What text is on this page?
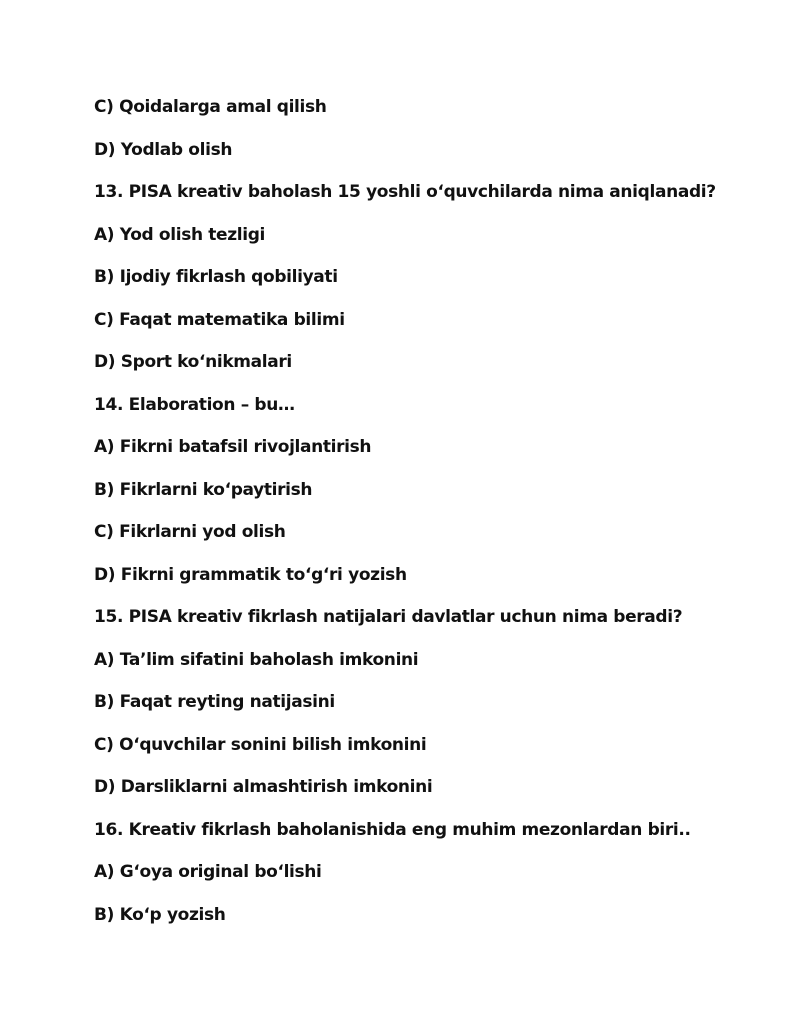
C) Qoidalarga amal qilish
D) Yodlab olish
13. PISA kreativ baholash 15 yoshli o‘quvchilarda nima aniqlanadi?
A) Yod olish tezligi
B) Ijodiy fikrlash qobiliyati
C) Faqat matematika bilimi
D) Sport ko‘nikmalari
14. Elaboration – bu…
A) Fikrni batafsil rivojlantirish
B) Fikrlarni ko‘paytirish
C) Fikrlarni yod olish
D) Fikrni grammatik to‘g‘ri yozish
15. PISA kreativ fikrlash natijalari davlatlar uchun nima beradi?
A) Ta’lim sifatini baholash imkonini
B) Faqat reyting natijasini
C) O‘quvchilar sonini bilish imkonini
D) Darsliklarni almashtirish imkonini
16. Kreativ fikrlash baholanishida eng muhim mezonlardan biri..
A) G‘oya original bo‘lishi
B) Ko‘p yozish
